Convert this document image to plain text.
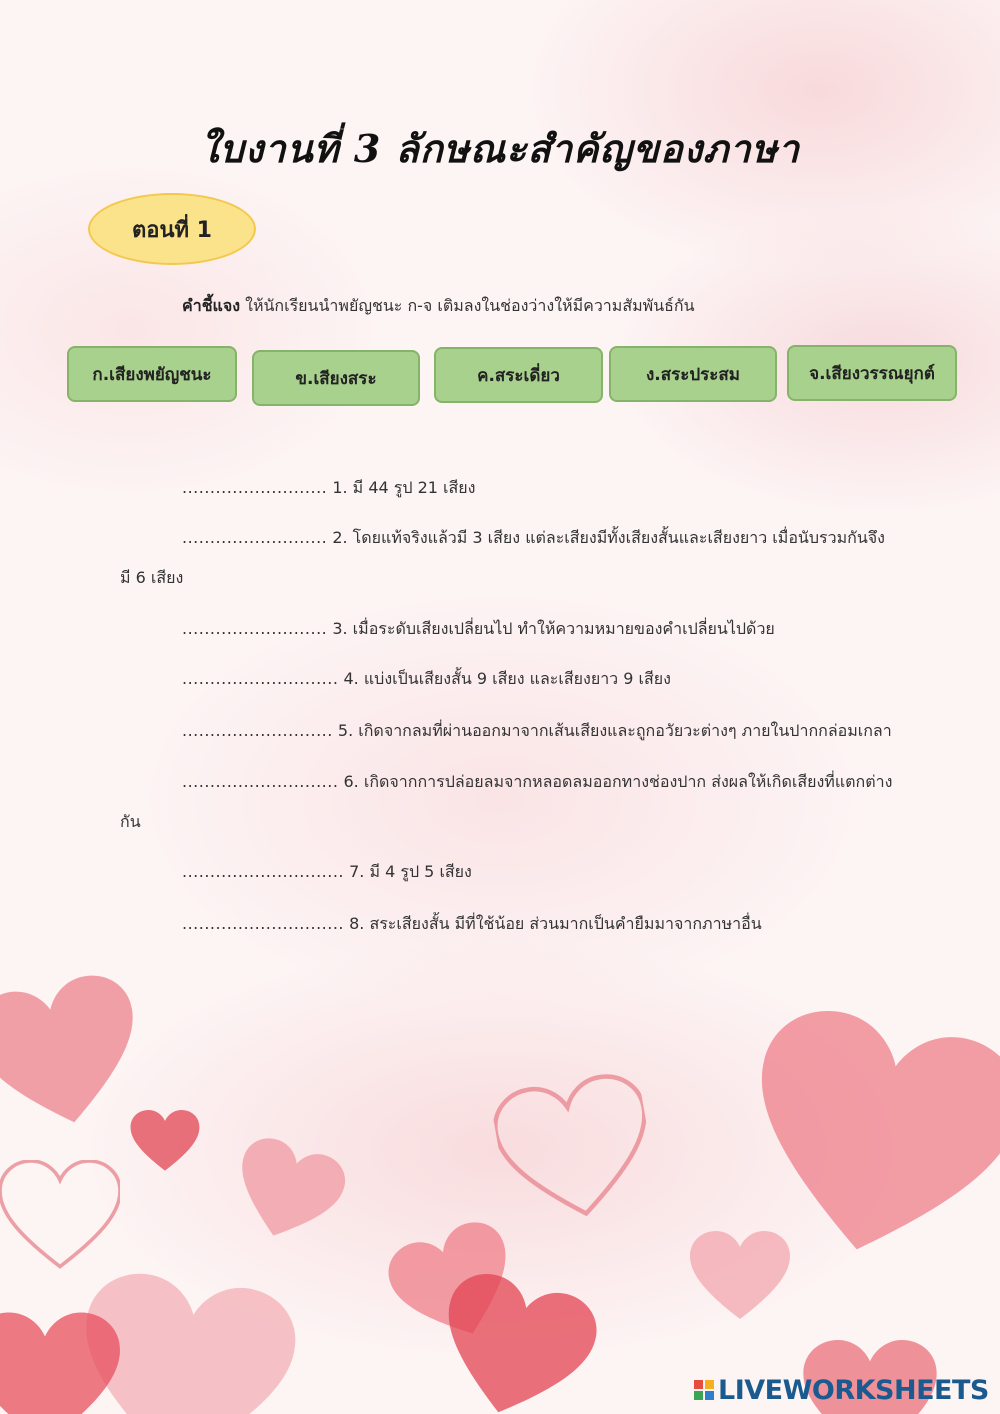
ใบงานที่ 3 ลักษณะสำคัญของภาษา
ตอนที่ 1
คำชี้แจง ให้นักเรียนนำพยัญชนะ ก-จ เติมลงในช่องว่างให้มีความสัมพันธ์กัน
ก.เสียงพยัญชนะ	ข.เสียงสระ	ค.สระเดี่ยว	ง.สระประสม	จ.เสียงวรรณยุกต์
.......................... 1. มี 44 รูป 21 เสียง
.......................... 2. โดยแท้จริงแล้วมี 3 เสียง แต่ละเสียงมีทั้งเสียงสั้นและเสียงยาว เมื่อนับรวมกันจึง
มี 6 เสียง
.......................... 3. เมื่อระดับเสียงเปลี่ยนไป ทำให้ความหมายของคำเปลี่ยนไปด้วย
............................ 4. แบ่งเป็นเสียงสั้น 9 เสียง และเสียงยาว 9 เสียง
........................... 5. เกิดจากลมที่ผ่านออกมาจากเส้นเสียงและถูกอวัยวะต่างๆ ภายในปากกล่อมเกลา
............................ 6. เกิดจากการปล่อยลมจากหลอดลมออกทางช่องปาก ส่งผลให้เกิดเสียงที่แตกต่าง
กัน
............................. 7. มี 4 รูป 5 เสียง
............................. 8. สระเสียงสั้น มีที่ใช้น้อย ส่วนมากเป็นคำยืมมาจากภาษาอื่น
LIVEWORKSHEETS
